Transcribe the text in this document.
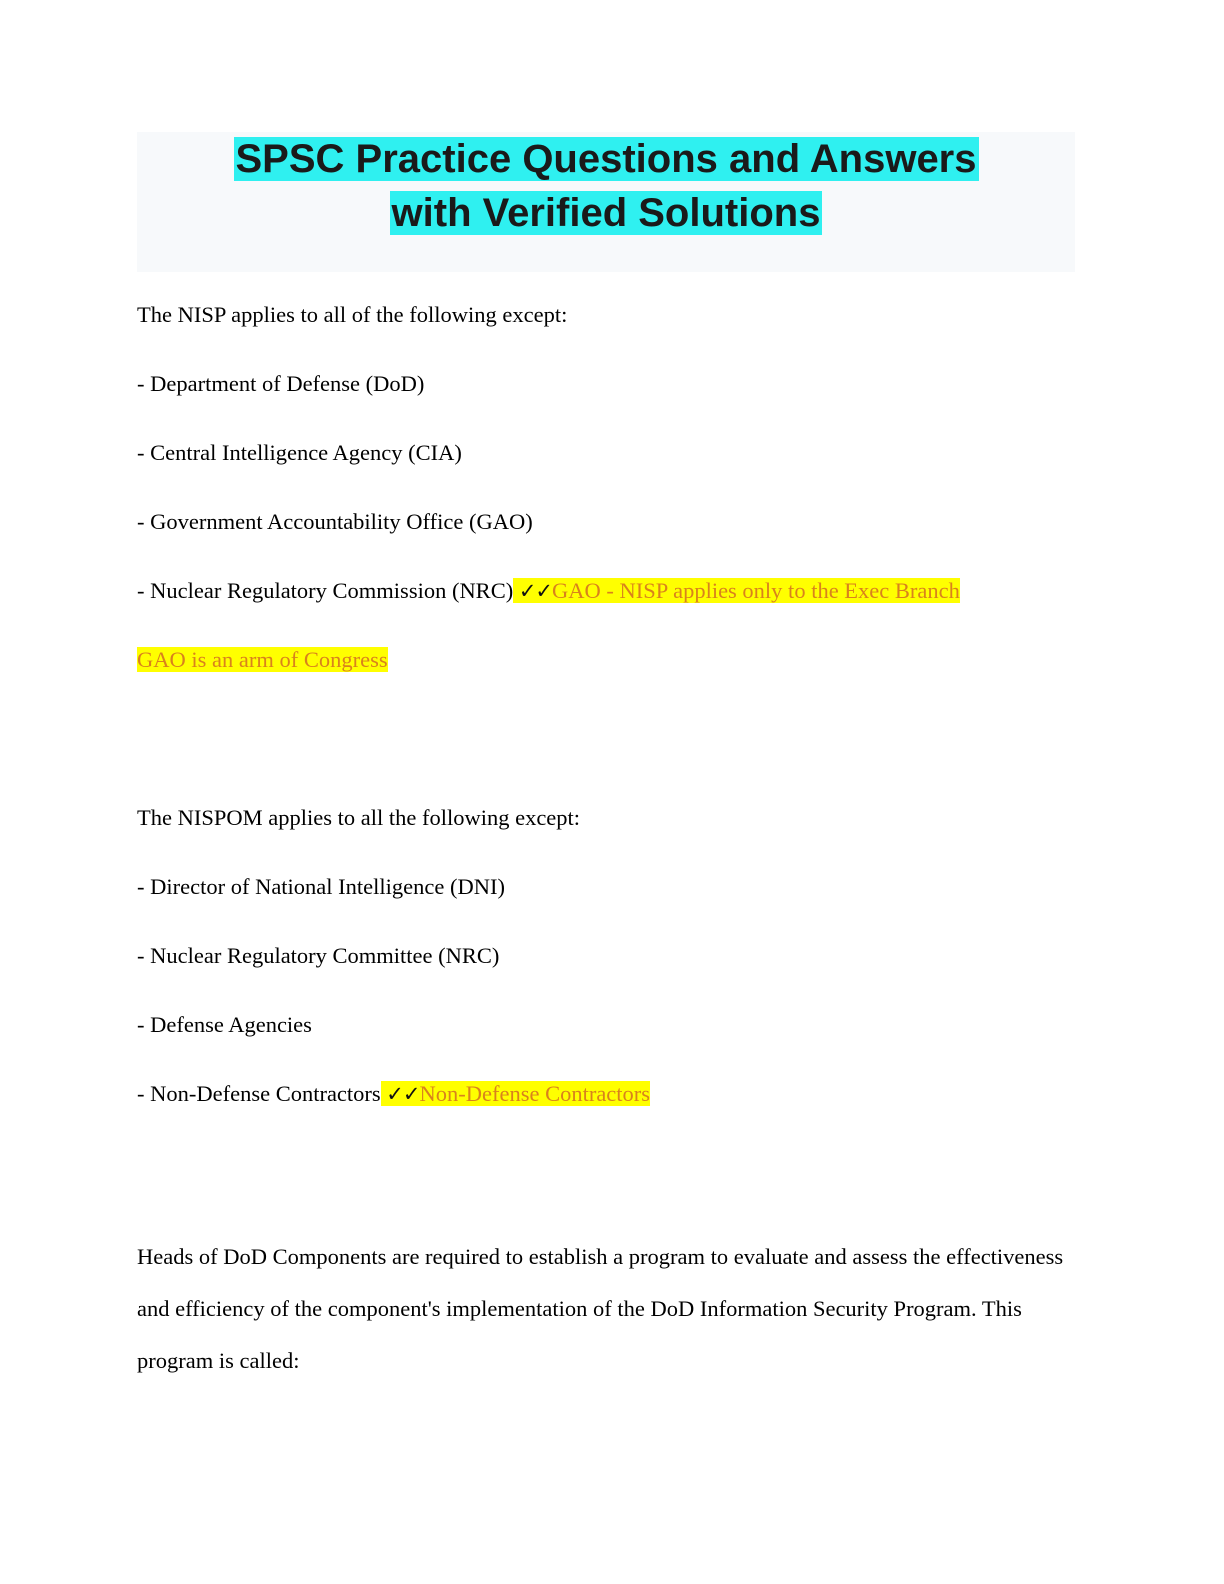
SPSC Practice Questions and Answers
with Verified Solutions

The NISP applies to all of the following except:

- Department of Defense (DoD)

- Central Intelligence Agency (CIA)

- Government Accountability Office (GAO)

- Nuclear Regulatory Commission (NRC) ✓✓GAO - NISP applies only to the Exec Branch

GAO is an arm of Congress

The NISPOM applies to all the following except:

- Director of National Intelligence (DNI)

- Nuclear Regulatory Committee (NRC)

- Defense Agencies

- Non-Defense Contractors ✓✓Non-Defense Contractors

Heads of DoD Components are required to establish a program to evaluate and assess the effectiveness and efficiency of the component's implementation of the DoD Information Security Program. This program is called:
